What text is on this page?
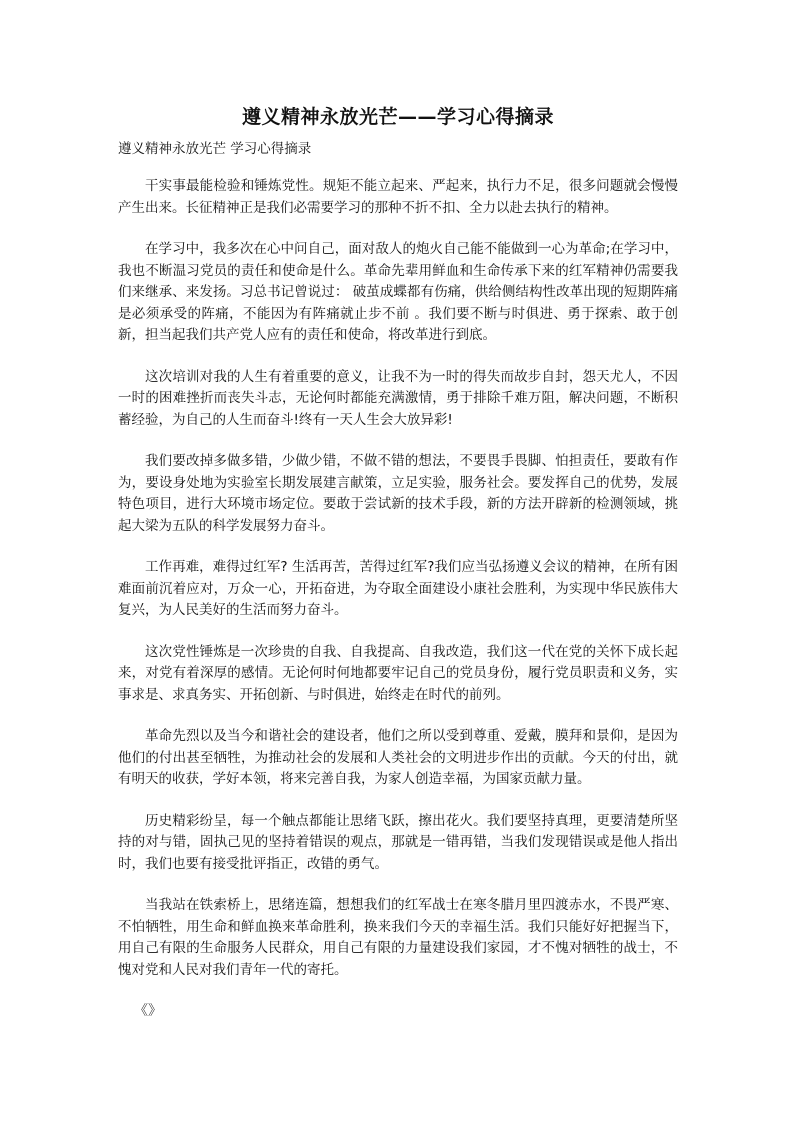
遵义精神永放光芒——学习心得摘录
遵义精神永放光芒 学习心得摘录

干实事最能检验和锤炼党性。规矩不能立起来、严起来，执行力不足，很多问题就会慢慢产生出来。长征精神正是我们必需要学习的那种不折不扣、全力以赴去执行的精神。

在学习中，我多次在心中问自己，面对敌人的炮火自己能不能做到一心为革命;在学习中，我也不断温习党员的责任和使命是什么。革命先辈用鲜血和生命传承下来的红军精神仍需要我们来继承、来发扬。习总书记曾说过： 破茧成蝶都有伤痛，供给侧结构性改革出现的短期阵痛是必须承受的阵痛，不能因为有阵痛就止步不前 。我们要不断与时俱进、勇于探索、敢于创新，担当起我们共产党人应有的责任和使命，将改革进行到底。

这次培训对我的人生有着重要的意义，让我不为一时的得失而故步自封，怨天尤人，不因一时的困难挫折而丧失斗志，无论何时都能充满激情，勇于排除千难万阻，解决问题，不断积蓄经验，为自己的人生而奋斗!终有一天人生会大放异彩!

我们要改掉多做多错，少做少错，不做不错的想法，不要畏手畏脚、怕担责任，要敢有作为，要设身处地为实验室长期发展建言献策，立足实验，服务社会。要发挥自己的优势，发展特色项目，进行大环境市场定位。要敢于尝试新的技术手段，新的方法开辟新的检测领域，挑起大梁为五队的科学发展努力奋斗。

工作再难，难得过红军? 生活再苦，苦得过红军?我们应当弘扬遵义会议的精神，在所有困难面前沉着应对，万众一心，开拓奋进，为夺取全面建设小康社会胜利，为实现中华民族伟大复兴，为人民美好的生活而努力奋斗。

这次党性锤炼是一次珍贵的自我、自我提高、自我改造，我们这一代在党的关怀下成长起来，对党有着深厚的感情。无论何时何地都要牢记自己的党员身份，履行党员职责和义务，实事求是、求真务实、开拓创新、与时俱进，始终走在时代的前列。

革命先烈以及当今和谐社会的建设者，他们之所以受到尊重、爱戴，膜拜和景仰，是因为他们的付出甚至牺牲，为推动社会的发展和人类社会的文明进步作出的贡献。今天的付出，就有明天的收获，学好本领，将来完善自我，为家人创造幸福，为国家贡献力量。

历史精彩纷呈，每一个触点都能让思绪飞跃，擦出花火。我们要坚持真理，更要清楚所坚持的对与错，固执己见的坚持着错误的观点，那就是一错再错，当我们发现错误或是他人指出时，我们也要有接受批评指正，改错的勇气。

当我站在铁索桥上，思绪连篇，想想我们的红军战士在寒冬腊月里四渡赤水，不畏严寒、不怕牺牲，用生命和鲜血换来革命胜利，换来我们今天的幸福生活。我们只能好好把握当下，用自己有限的生命服务人民群众，用自己有限的力量建设我们家园，才不愧对牺牲的战士，不愧对党和人民对我们青年一代的寄托。

《》
